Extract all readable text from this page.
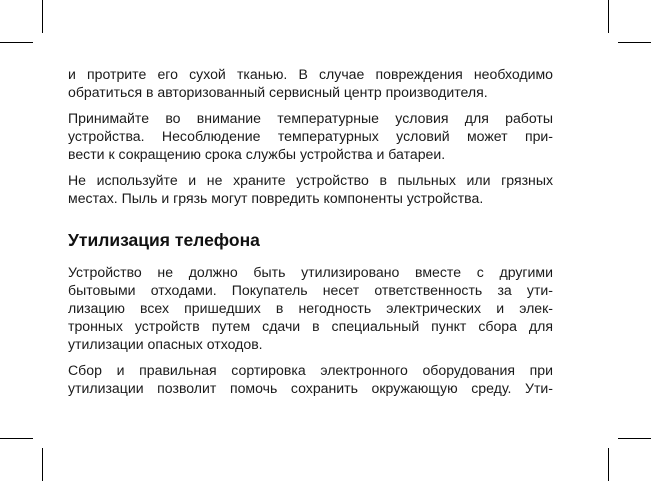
и протрите его сухой тканью. В случае повреждения необходимо
обратиться в авторизованный сервисный центр производителя.

Принимайте во внимание температурные условия для работы
устройства. Несоблюдение температурных условий может при-
вести к сокращению срока службы устройства и батареи.

Не используйте и не храните устройство в пыльных или грязных
местах. Пыль и грязь могут повредить компоненты устройства.

Утилизация телефона

Устройство не должно быть утилизировано вместе с другими
бытовыми отходами. Покупатель несет ответственность за ути-
лизацию всех пришедших в негодность электрических и элек-
тронных устройств путем сдачи в специальный пункт сбора для
утилизации опасных отходов.

Сбор и правильная сортировка электронного оборудования при
утилизации позволит помочь сохранить окружающую среду. Ути-
